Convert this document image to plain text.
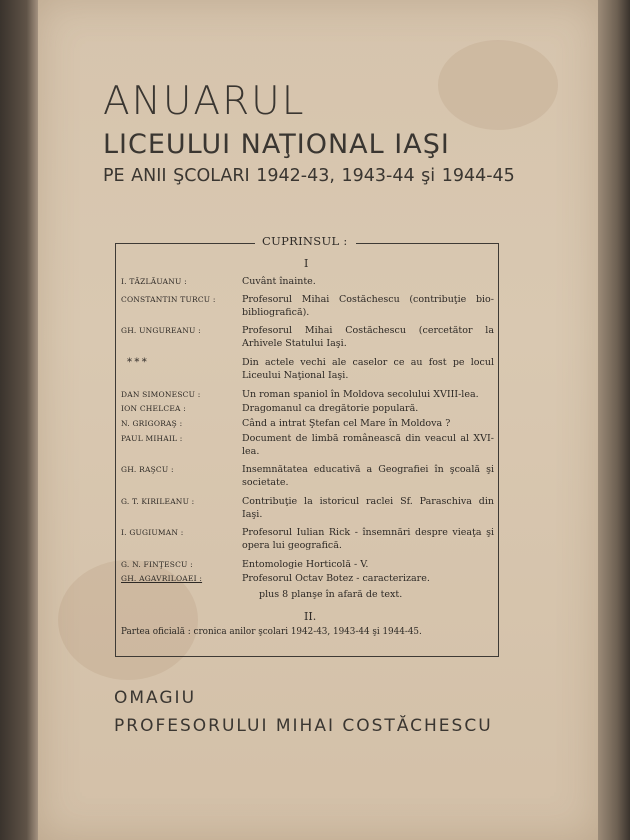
ANUARUL
LICEULUI NAŢIONAL IAŞI
PE ANII ŞCOLARI 1942-43, 1943-44 şi 1944-45
CUPRINSUL :
I
I. TĂZLĂUANU :	Cuvânt înainte.
CONSTANTIN TURCU :	Profesorul Mihai Costăchescu (contribuţie bio-bibliografică).
GH. UNGUREANU :	Profesorul Mihai Costăchescu (cercetător la Arhivele Statului Iaşi.
* * *	Din actele vechi ale caselor ce au fost pe locul Liceului Naţional Iaşi.
DAN SIMONESCU :	Un roman spaniol în Moldova secolului XVIII-lea.
ION CHELCEA :	Dragomanul ca dregătorie populară.
N. GRIGORAŞ :	Când a intrat Ştefan cel Mare în Moldova ?
PAUL MIHAIL :	Document de limbă românească din veacul al XVI-lea.
GH. RAŞCU :	Insemnătatea educativă a Geografiei în şcoală şi societate.
G. T. KIRILEANU :	Contribuţie la istoricul raclei Sf. Paraschiva din Iaşi.
I. GUGIUMAN :	Profesorul Iulian Rick - însemnări despre vieaţa şi opera lui geografică.
G. N. FINŢESCU :	Entomologie Horticolă - V.
GH. AGAVRILOAEI :	Profesorul Octav Botez - caracterizare.
plus 8 planşe în afară de text.
II.
Partea oficială : cronica anilor şcolari 1942-43, 1943-44 şi 1944-45.
OMAGIU
PROFESORULUI MIHAI COSTĂCHESCU
